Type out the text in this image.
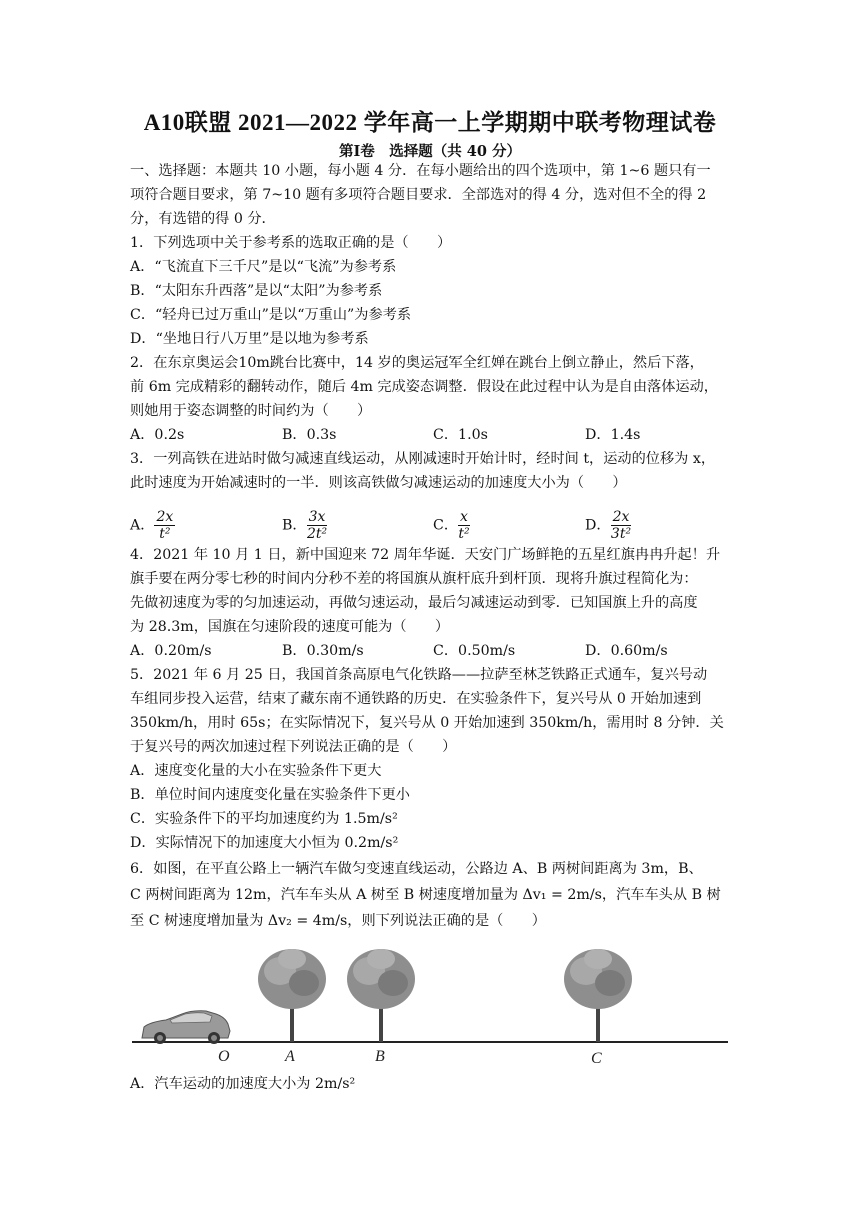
A10联盟 2021—2022 学年高一上学期期中联考物理试卷
第Ⅰ卷　选择题（共 40 分）
一、选择题：本题共 10 小题，每小题 4 分．在每小题给出的四个选项中，第 1~6 题只有一
项符合题目要求，第 7~10 题有多项符合题目要求．全部选对的得 4 分，选对但不全的得 2
分，有选错的得 0 分．
1．下列选项中关于参考系的选取正确的是（　　）
A．“飞流直下三千尺”是以“飞流”为参考系
B．“太阳东升西落”是以“太阳”为参考系
C．“轻舟已过万重山”是以“万重山”为参考系
D．“坐地日行八万里”是以地为参考系
2．在东京奥运会10m跳台比赛中，14 岁的奥运冠军全红婵在跳台上倒立静止，然后下落，
前 6m 完成精彩的翻转动作，随后 4m 完成姿态调整．假设在此过程中认为是自由落体运动，
则她用于姿态调整的时间约为（　　）
A．0.2s	B．0.3s	C．1.0s	D．1.4s
3．一列高铁在进站时做匀减速直线运动，从刚减速时开始计时，经时间 t，运动的位移为 x，
此时速度为开始减速时的一半．则该高铁做匀减速运动的加速度大小为（　　）
A． $\frac{2x}{\text{t²}}$	B． $\frac{3x}{\text{2t²}}$	C． $\frac{x}{\text{t²}}$	D． $\frac{2x}{\text{3t²}}$
4．2021 年 10 月 1 日，新中国迎来 72 周年华诞．天安门广场鲜艳的五星红旗冉冉升起！升
旗手要在两分零七秒的时间内分秒不差的将国旗从旗杆底升到杆顶．现将升旗过程简化为：
先做初速度为零的匀加速运动，再做匀速运动，最后匀减速运动到零．已知国旗上升的高度
为 28.3m，国旗在匀速阶段的速度可能为（　　）
A．0.20m/s	B．0.30m/s	C．0.50m/s	D．0.60m/s
5．2021 年 6 月 25 日，我国首条高原电气化铁路——拉萨至林芝铁路正式通车，复兴号动
车组同步投入运营，结束了藏东南不通铁路的历史．在实验条件下，复兴号从 0 开始加速到
350km/h，用时 65s；在实际情况下，复兴号从 0 开始加速到 350km/h，需用时 8 分钟．关
于复兴号的两次加速过程下列说法正确的是（　　）
A．速度变化量的大小在实验条件下更大
B．单位时间内速度变化量在实验条件下更小
C．实验条件下的平均加速度约为 1.5m/s²
D．实际情况下的加速度大小恒为 0.2m/s²
6．如图，在平直公路上一辆汽车做匀变速直线运动，公路边 A、B 两树间距离为 3m，B、
C 两树间距离为 12m，汽车车头从 A 树至 B 树速度增加量为 Δv₁ = 2m/s，汽车车头从 B 树
至 C 树速度增加量为 Δv₂ = 4m/s，则下列说法正确的是（　　）
O	A	B	C
A．汽车运动的加速度大小为 2m/s²
